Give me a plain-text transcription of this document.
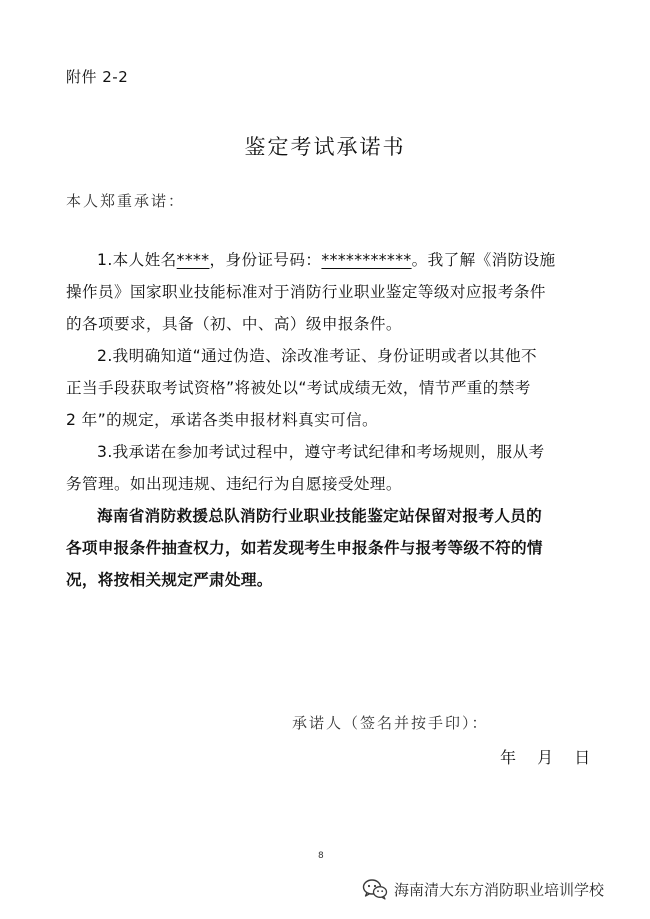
附件 2-2
鉴定考试承诺书
本人郑重承诺：
1.本人姓名****，身份证号码：***********。我了解《消防设施
操作员》国家职业技能标准对于消防行业职业鉴定等级对应报考条件
的各项要求，具备（初、中、高）级申报条件。
2.我明确知道“通过伪造、涂改准考证、身份证明或者以其他不
正当手段获取考试资格”将被处以“考试成绩无效，情节严重的禁考
2 年”的规定，承诺各类申报材料真实可信。
3.我承诺在参加考试过程中，遵守考试纪律和考场规则，服从考
务管理。如出现违规、违纪行为自愿接受处理。
海南省消防救援总队消防行业职业技能鉴定站保留对报考人员的
各项申报条件抽查权力，如若发现考生申报条件与报考等级不符的情
况，将按相关规定严肃处理。
承诺人（签名并按手印）：
年 月 日
8
海南清大东方消防职业培训学校
